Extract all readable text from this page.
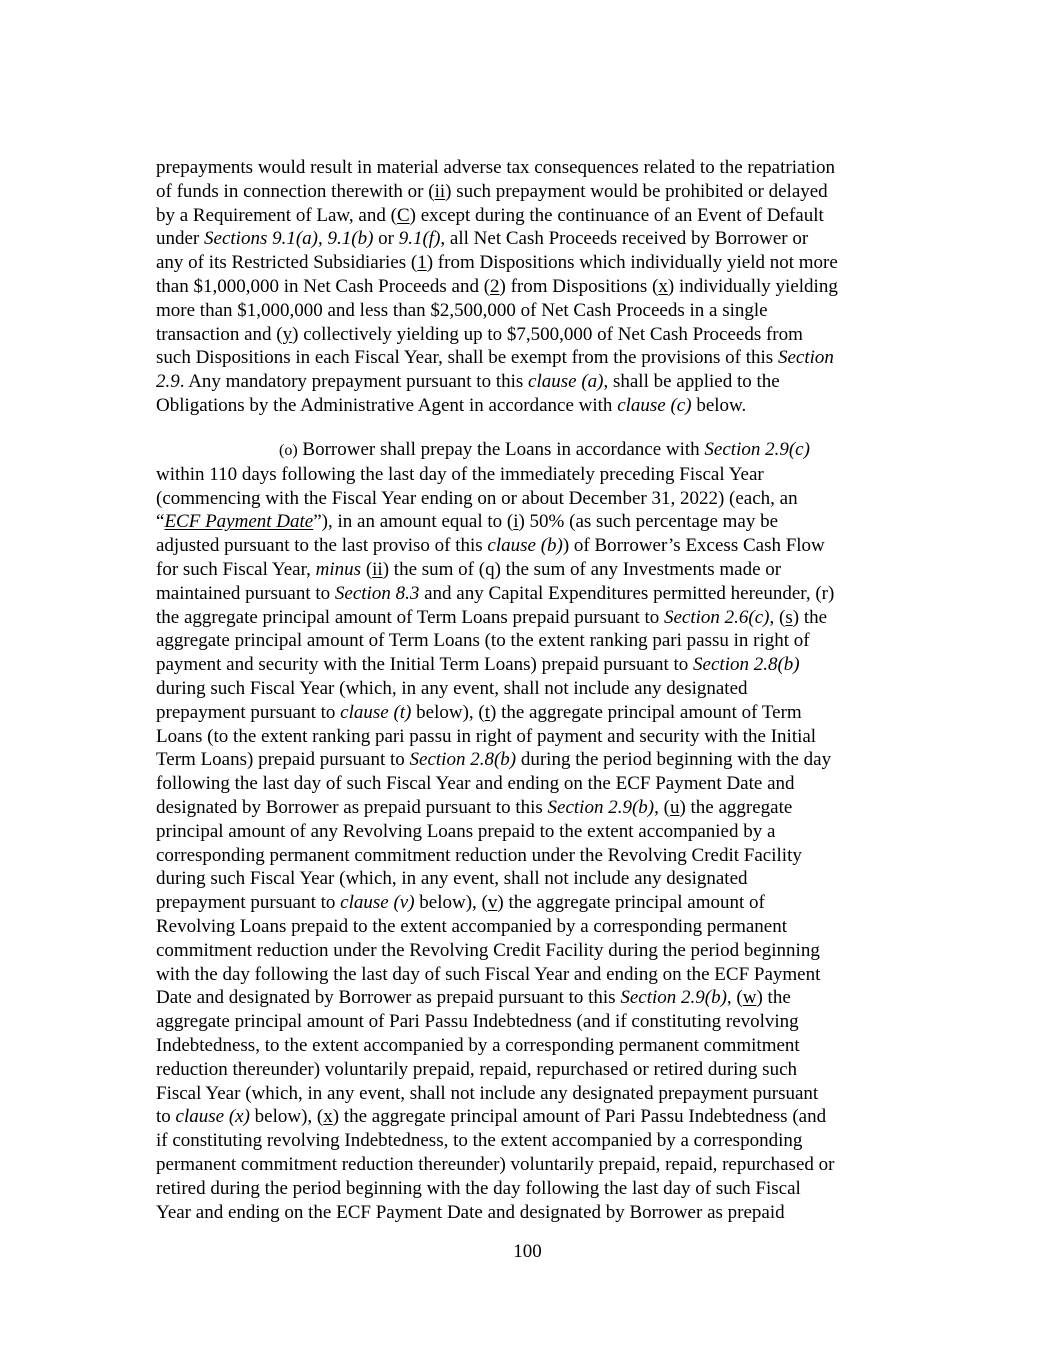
prepayments would result in material adverse tax consequences related to the repatriation
of funds in connection therewith or (ii) such prepayment would be prohibited or delayed
by a Requirement of Law, and (C) except during the continuance of an Event of Default
under Sections 9.1(a), 9.1(b) or 9.1(f), all Net Cash Proceeds received by Borrower or
any of its Restricted Subsidiaries (1) from Dispositions which individually yield not more
than $1,000,000 in Net Cash Proceeds and (2) from Dispositions (x) individually yielding
more than $1,000,000 and less than $2,500,000 of Net Cash Proceeds in a single
transaction and (y) collectively yielding up to $7,500,000 of Net Cash Proceeds from
such Dispositions in each Fiscal Year, shall be exempt from the provisions of this Section
2.9. Any mandatory prepayment pursuant to this clause (a), shall be applied to the
Obligations by the Administrative Agent in accordance with clause (c) below.
(o) Borrower shall prepay the Loans in accordance with Section 2.9(c)
within 110 days following the last day of the immediately preceding Fiscal Year
(commencing with the Fiscal Year ending on or about December 31, 2022) (each, an
“ECF Payment Date”), in an amount equal to (i) 50% (as such percentage may be
adjusted pursuant to the last proviso of this clause (b)) of Borrower’s Excess Cash Flow
for such Fiscal Year, minus (ii) the sum of (q) the sum of any Investments made or
maintained pursuant to Section 8.3 and any Capital Expenditures permitted hereunder, (r)
the aggregate principal amount of Term Loans prepaid pursuant to Section 2.6(c), (s) the
aggregate principal amount of Term Loans (to the extent ranking pari passu in right of
payment and security with the Initial Term Loans) prepaid pursuant to Section 2.8(b)
during such Fiscal Year (which, in any event, shall not include any designated
prepayment pursuant to clause (t) below), (t) the aggregate principal amount of Term
Loans (to the extent ranking pari passu in right of payment and security with the Initial
Term Loans) prepaid pursuant to Section 2.8(b) during the period beginning with the day
following the last day of such Fiscal Year and ending on the ECF Payment Date and
designated by Borrower as prepaid pursuant to this Section 2.9(b), (u) the aggregate
principal amount of any Revolving Loans prepaid to the extent accompanied by a
corresponding permanent commitment reduction under the Revolving Credit Facility
during such Fiscal Year (which, in any event, shall not include any designated
prepayment pursuant to clause (v) below), (v) the aggregate principal amount of
Revolving Loans prepaid to the extent accompanied by a corresponding permanent
commitment reduction under the Revolving Credit Facility during the period beginning
with the day following the last day of such Fiscal Year and ending on the ECF Payment
Date and designated by Borrower as prepaid pursuant to this Section 2.9(b), (w) the
aggregate principal amount of Pari Passu Indebtedness (and if constituting revolving
Indebtedness, to the extent accompanied by a corresponding permanent commitment
reduction thereunder) voluntarily prepaid, repaid, repurchased or retired during such
Fiscal Year (which, in any event, shall not include any designated prepayment pursuant
to clause (x) below), (x) the aggregate principal amount of Pari Passu Indebtedness (and
if constituting revolving Indebtedness, to the extent accompanied by a corresponding
permanent commitment reduction thereunder) voluntarily prepaid, repaid, repurchased or
retired during the period beginning with the day following the last day of such Fiscal
Year and ending on the ECF Payment Date and designated by Borrower as prepaid
100
